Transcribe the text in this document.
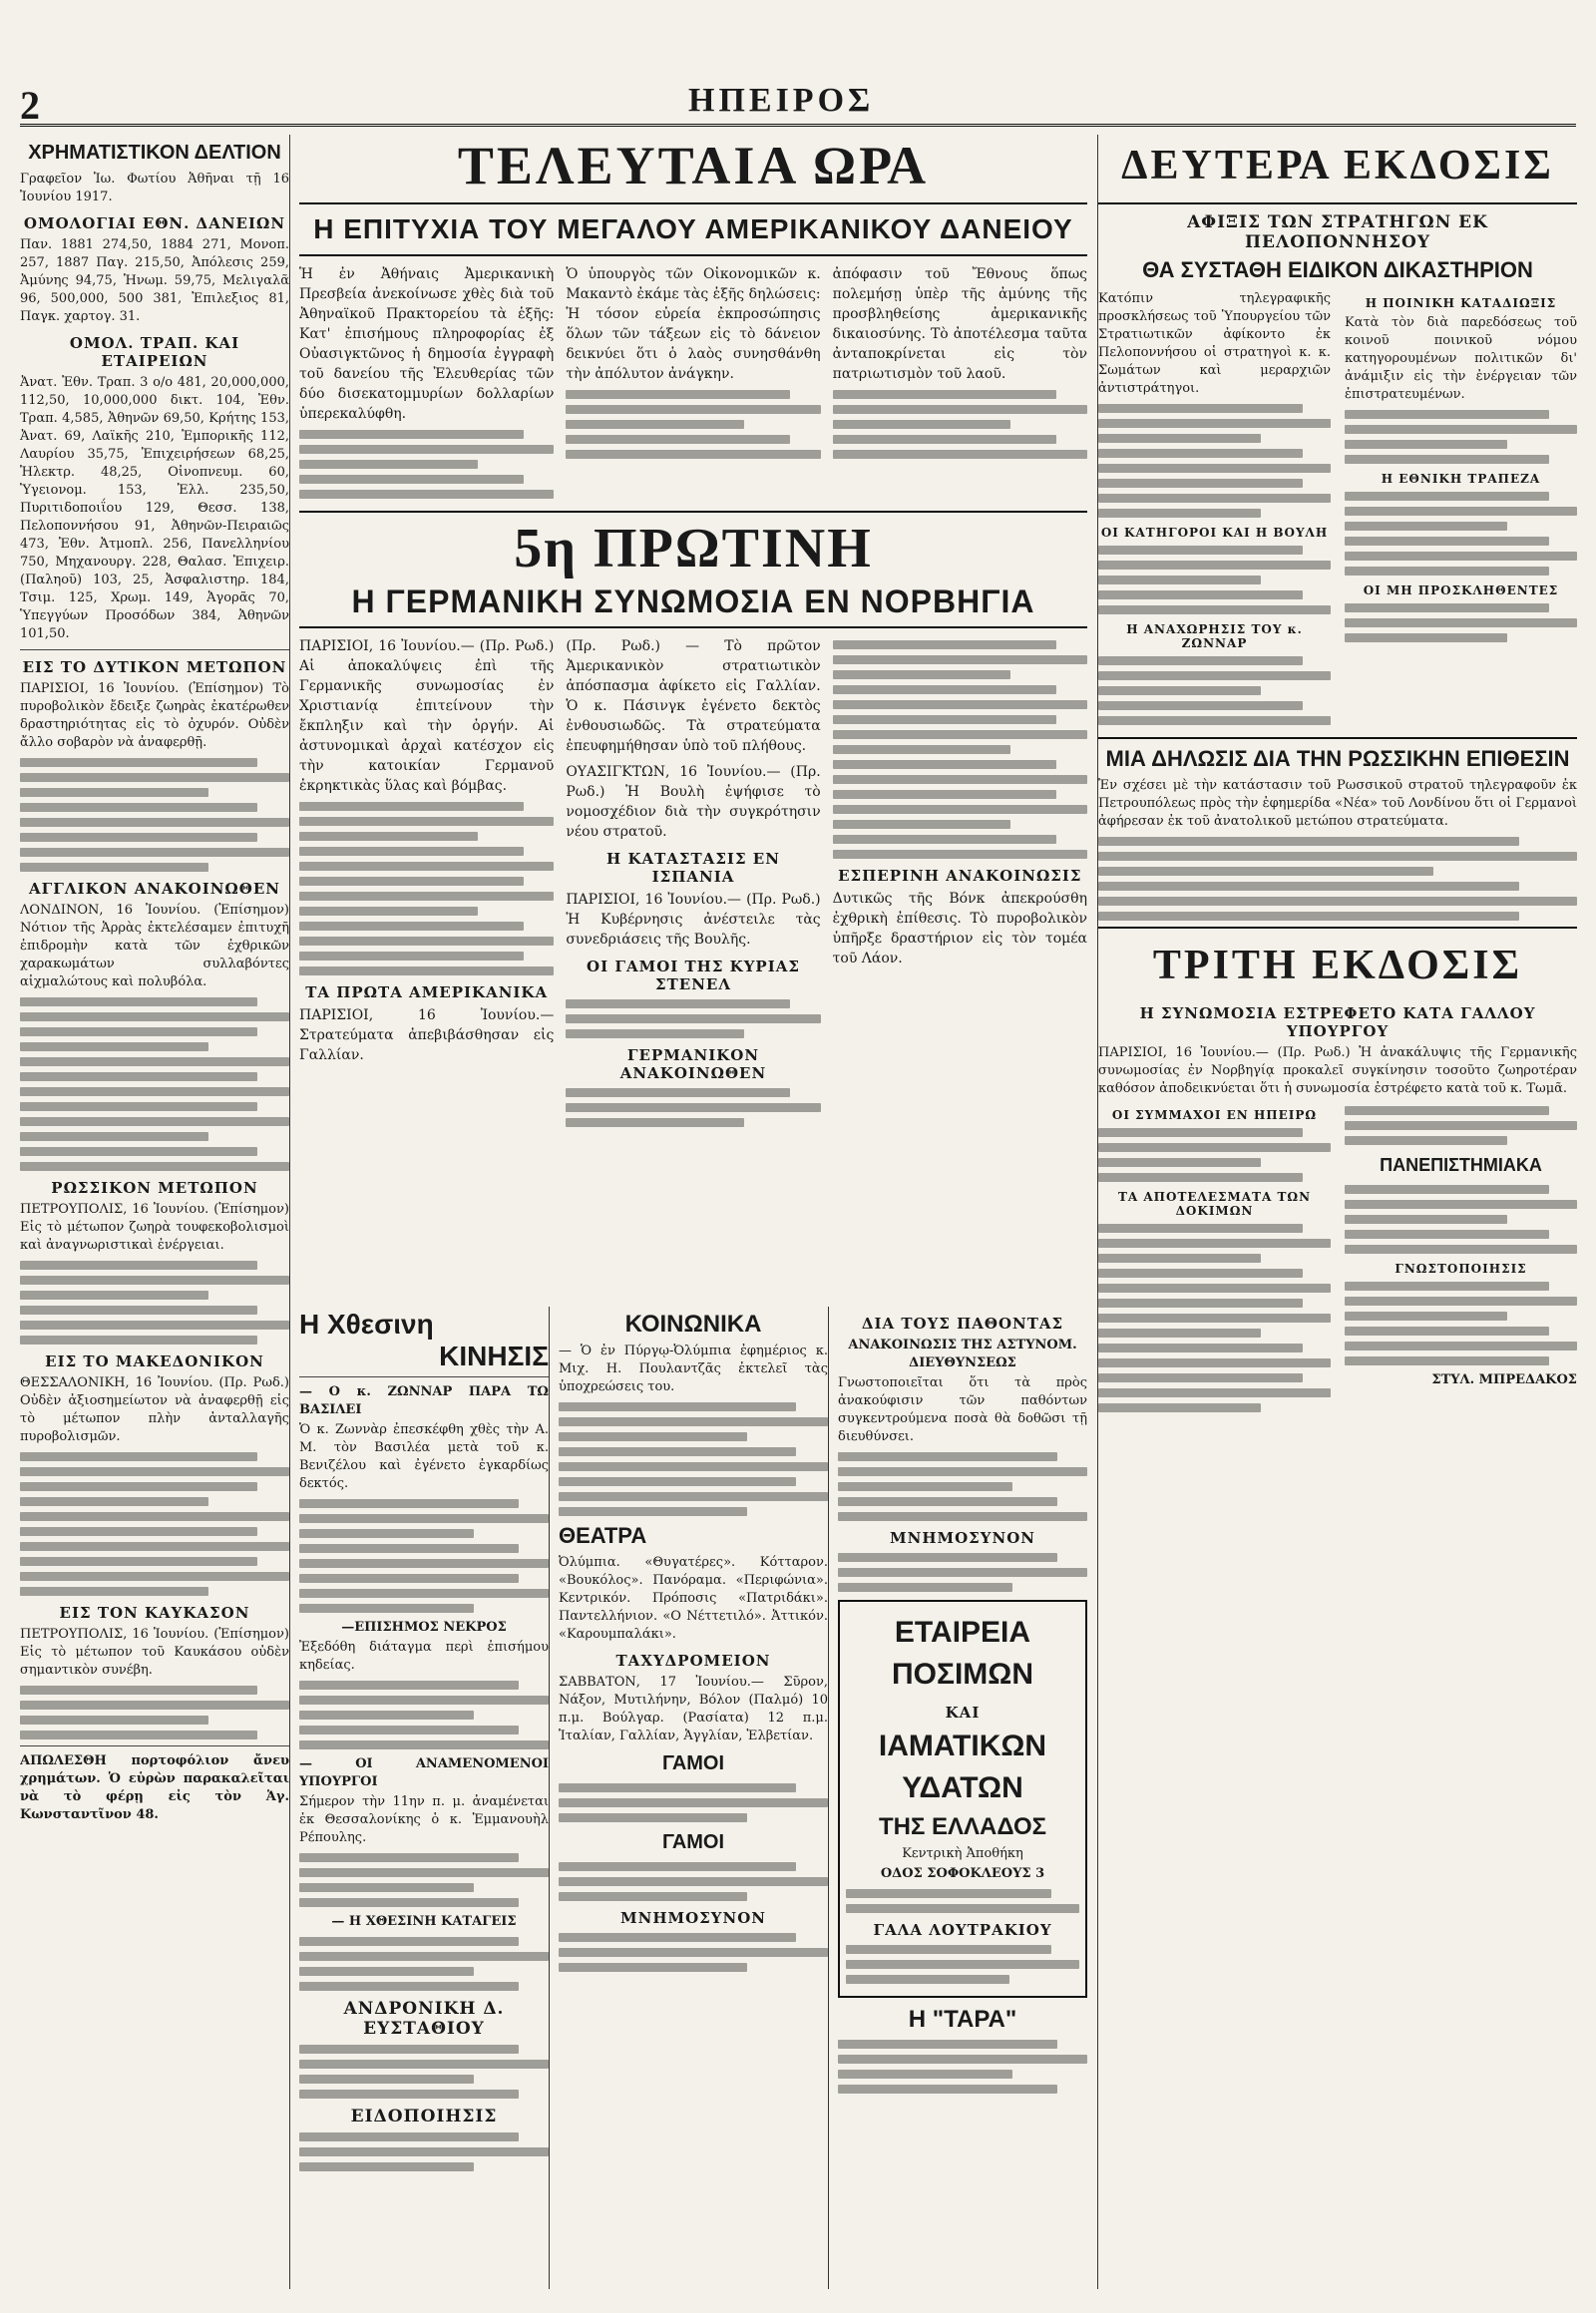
2	ΗΠΕΙΡΟΣ
ΧΡΗΜΑΤΙΣΤΙΚΟΝ ΔΕΛΤΙΟΝ
Γραφεῖον Ἰω. Φωτίου Ἀθῆναι τῇ 16 Ἰουνίου 1917.
ΟΜΟΛΟΓΙΑΙ ΕΘΝ. ΔΑΝΕΙΩΝ
Παν. 1881 274,50, 1884 271, Μονοπ. 257, 1887 Παγ. 215,50, Ἀπόλεσις 259, Ἀμύνης 94,75, Ἠνωμ. 59,75, Μελιγαλᾶ 96, 500,000, 500 381, Ἐπιλεξιος 81, Παγκ. χαρτογ. 31.
ΟΜΟΛ. ΤΡΑΠ. ΚΑΙ ΕΤΑΙΡΕΙΩΝ
Ἀνατ. Ἐθν. Τραπ. 3 ο/ο 481, 20,000,000, 112,50, 10,000,000 δικτ. 104, Ἐθν. Τραπ. 4,585, Ἀθηνῶν 69,50, Κρήτης 153, Ἀνατ. 69, Λαϊκῆς 210, Ἐμπορικῆς 112, Λαυρίου 35,75, Ἐπιχειρήσεων 68,25, Ἠλεκτρ. 48,25, Οἰνοπνευμ. 60, Ὑγειονομ. 153, Ἑλλ. 235,50, Πυριτιδοποιΐου 129, Θεσσ. 138, Πελοποννήσου 91, Ἀθηνῶν-Πειραιῶς 473, Ἐθν. Ἀτμοπλ. 256, Πανελληνίου 750, Μηχανουργ. 228, Θαλασ. Ἐπιχειρ. (Παληοῦ) 103, 25, Ἀσφαλιστηρ. 184, Τσιμ. 125, Χρωμ. 149, Ἀγορᾶς 70, Ὑπεγγύων Προσόδων 384, Ἀθηνῶν 101,50.
ΕΙΣ ΤΟ ΔΥΤΙΚΟΝ ΜΕΤΩΠΟΝ
ΠΑΡΙΣΙΟΙ, 16 Ἰουνίου. (Ἐπίσημον) Τὸ πυροβολικὸν ἔδειξε ζωηρὰς ἐκατέρωθεν δραστηριότητας εἰς τὸ ὀχυρόν. Οὐδὲν ἄλλο σοβαρὸν νὰ ἀναφερθῇ.
ΑΓΓΛΙΚΟΝ ΑΝΑΚΟΙΝΩΘΕΝ
ΛΟΝΔΙΝΟΝ, 16 Ἰουνίου. (Ἐπίσημον) Νότιον τῆς Ἀρρὰς ἐκτελέσαμεν ἐπιτυχῆ ἐπιδρομὴν κατὰ τῶν ἐχθρικῶν χαρακωμάτων συλλαβόντες αἰχμαλώτους καὶ πολυβόλα.
ΡΩΣΣΙΚΟΝ ΜΕΤΩΠΟΝ
ΠΕΤΡΟΥΠΟΛΙΣ, 16 Ἰουνίου. (Ἐπίσημον) Εἰς τὸ μέτωπον ζωηρὰ τουφεκοβολισμοὶ καὶ ἀναγνωριστικαὶ ἐνέργειαι.
ΕΙΣ ΤΟ ΜΑΚΕΔΟΝΙΚΟΝ
ΘΕΣΣΑΛΟΝΙΚΗ, 16 Ἰουνίου. (Πρ. Ρωδ.) Οὐδὲν ἀξιοσημείωτον νὰ ἀναφερθῇ εἰς τὸ μέτωπον πλὴν ἀνταλλαγῆς πυροβολισμῶν.
ΕΙΣ ΤΟΝ ΚΑΥΚΑΣΟΝ
ΠΕΤΡΟΥΠΟΛΙΣ, 16 Ἰουνίου. (Ἐπίσημον) Εἰς τὸ μέτωπον τοῦ Καυκάσου οὐδὲν σημαντικὸν συνέβη.
ΑΠΩΛΕΣΘΗ πορτοφόλιον ἄνευ χρημάτων. Ὁ εὑρὼν παρακαλεῖται νὰ τὸ φέρῃ εἰς τὸν Ἁγ. Κωνσταντῖνον 48.
ΤΕΛΕΥΤΑΙΑ ΩΡΑ
Η ΕΠΙΤΥΧΙΑ ΤΟΥ ΜΕΓΑΛΟΥ ΑΜΕΡΙΚΑΝΙΚΟΥ ΔΑΝΕΙΟΥ
Ἡ ἐν Ἀθήναις Ἀμερικανικὴ Πρεσβεία ἀνεκοίνωσε χθὲς διὰ τοῦ Ἀθηναϊκοῦ Πρακτορείου τὰ ἑξῆς: Κατ' ἐπισήμους πληροφορίας ἐξ Οὐασιγκτῶνος ἡ δημοσία ἐγγραφὴ τοῦ δανείου τῆς Ἐλευθερίας τῶν δύο δισεκατομμυρίων δολλαρίων ὑπερεκαλύφθη.
Ὁ ὑπουργὸς τῶν Οἰκονομικῶν κ. Μακαντὸ ἐκάμε τὰς ἑξῆς δηλώσεις: Ἡ τόσον εὐρεία ἐκπροσώπησις ὅλων τῶν τάξεων εἰς τὸ δάνειον δεικνύει ὅτι ὁ λαὸς συνησθάνθη τὴν ἀπόλυτον ἀνάγκην.
ἀπόφασιν τοῦ Ἔθνους ὅπως πολεμήσῃ ὑπὲρ τῆς ἀμύνης τῆς προσβληθείσης ἀμερικανικῆς δικαιοσύνης. Τὸ ἀποτέλεσμα ταῦτα ἀνταποκρίνεται εἰς τὸν πατριωτισμὸν τοῦ λαοῦ.
5η ΠΡΩΤΙΝΗ
Η ΓΕΡΜΑΝΙΚΗ ΣΥΝΩΜΟΣΙΑ ΕΝ ΝΟΡΒΗΓΙΑ
ΠΑΡΙΣΙΟΙ, 16 Ἰουνίου.— (Πρ. Ρωδ.) Αἱ ἀποκαλύψεις ἐπὶ τῆς Γερμανικῆς συνωμοσίας ἐν Χριστιανίᾳ ἐπιτείνουν τὴν ἔκπληξιν καὶ τὴν ὀργήν. Αἱ ἀστυνομικαὶ ἀρχαὶ κατέσχον εἰς τὴν κατοικίαν Γερμανοῦ ἐκρηκτικὰς ὕλας καὶ βόμβας.
ΤΑ ΠΡΩΤΑ ΑΜΕΡΙΚΑΝΙΚΑ
ΠΑΡΙΣΙΟΙ, 16 Ἰουνίου.— Στρατεύματα ἀπεβιβάσθησαν εἰς Γαλλίαν.
(Πρ. Ρωδ.) — Τὸ πρῶτον Ἀμερικανικὸν στρατιωτικὸν ἀπόσπασμα ἀφίκετο εἰς Γαλλίαν. Ὁ κ. Πάσινγκ ἐγένετο δεκτὸς ἐνθουσιωδῶς. Τὰ στρατεύματα ἐπευφημήθησαν ὑπὸ τοῦ πλήθους.
ΟΥΑΣΙΓΚΤΩΝ, 16 Ἰουνίου.— (Πρ. Ρωδ.) Ἡ Βουλὴ ἐψήφισε τὸ νομοσχέδιον διὰ τὴν συγκρότησιν νέου στρατοῦ.
Η ΚΑΤΑΣΤΑΣΙΣ ΕΝ ΙΣΠΑΝΙΑ
ΠΑΡΙΣΙΟΙ, 16 Ἰουνίου.— (Πρ. Ρωδ.) Ἡ Κυβέρνησις ἀνέστειλε τὰς συνεδριάσεις τῆς Βουλῆς.
ΟΙ ΓΑΜΟΙ ΤΗΣ ΚΥΡΙΑΣ ΣΤΕΝΕΛ
ΓΕΡΜΑΝΙΚΟΝ ΑΝΑΚΟΙΝΩΘΕΝ
ΕΣΠΕΡΙΝΗ ΑΝΑΚΟΙΝΩΣΙΣ
Δυτικῶς τῆς Βόνκ ἀπεκρούσθη ἐχθρικὴ ἐπίθεσις. Τὸ πυροβολικὸν ὑπῆρξε δραστήριον εἰς τὸν τομέα τοῦ Λάον.
Η Χθεσινη
ΚΙΝΗΣΙΣ
— Ο κ. ΖΩΝΝΑΡ ΠΑΡΑ ΤΩ ΒΑΣΙΛΕΙ
Ὁ κ. Ζωννὰρ ἐπεσκέφθη χθὲς τὴν Α. Μ. τὸν Βασιλέα μετὰ τοῦ κ. Βενιζέλου καὶ ἐγένετο ἐγκαρδίως δεκτός.
—ΕΠΙΣΗΜΟΣ ΝΕΚΡΟΣ
Ἐξεδόθη διάταγμα περὶ ἐπισήμου κηδείας.
— ΟΙ ΑΝΑΜΕΝΟΜΕΝΟΙ ΥΠΟΥΡΓΟΙ
Σήμερον τὴν 11ην π. μ. ἀναμένεται ἐκ Θεσσαλονίκης ὁ κ. Ἐμμανουὴλ Ρέπουλης.
— Η ΧΘΕΣΙΝΗ ΚΑΤΑΓΕΙΣ
ΑΝΔΡΟΝΙΚΗ Δ. ΕΥΣΤΑΘΙΟΥ
ΕΙΔΟΠΟΙΗΣΙΣ
ΚΟΙΝΩΝΙΚΑ
— Ὁ ἐν Πύργῳ-Ὀλύμπια ἐφημέριος κ. Μιχ. Η. Πουλαντζᾶς ἐκτελεῖ τὰς ὑποχρεώσεις του.
ΘΕΑΤΡΑ
Ὀλύμπια. «Θυγατέρες». Κότταρον. «Βουκόλος». Πανόραμα. «Περιφώνια». Κεντρικόν. Πρόποσις «Πατριδάκι». Παντελλήνιον. «Ο Νέττετιλό». Ἀττικόν. «Καρουμπαλάκι».
ΤΑΧΥΔΡΟΜΕΙΟΝ
ΣΑΒΒΑΤΟΝ, 17 Ἰουνίου.— Σῦρον, Νάξον, Μυτιλήνην, Βόλον (Παλμό) 10 π.μ. Βούλγαρ. (Ρασίατα) 12 π.μ. Ἰταλίαν, Γαλλίαν, Ἀγγλίαν, Ἑλβετίαν.
ΓΑΜΟΙ
ΓΑΜΟΙ
ΜΝΗΜΟΣΥΝΟΝ
ΔΙΑ ΤΟΥΣ ΠΑΘΟΝΤΑΣ
ΑΝΑΚΟΙΝΩΣΙΣ ΤΗΣ ΑΣΤΥΝΟΜ. ΔΙΕΥΘΥΝΣΕΩΣ
Γνωστοποιεῖται ὅτι τὰ πρὸς ἀνακούφισιν τῶν παθόντων συγκεντρούμενα ποσὰ θὰ δοθῶσι τῇ διευθύνσει.
ΜΝΗΜΟΣΥΝΟΝ
ΕΤΑΙΡΕΙΑ ΠΟΣΙΜΩΝ
ΚΑΙ
ΙΑΜΑΤΙΚΩΝ ΥΔΑΤΩΝ
ΤΗΣ ΕΛΛΑΔΟΣ
Κεντρικὴ Ἀποθήκη
ΟΔΟΣ ΣΟΦΟΚΛΕΟΥΣ 3
ΓΑΛΑ ΛΟΥΤΡΑΚΙΟΥ
Η "ΤΑΡΑ"
ΔΕΥΤΕΡΑ ΕΚΔΟΣΙΣ
ΑΦΙΞΙΣ ΤΩΝ ΣΤΡΑΤΗΓΩΝ ΕΚ ΠΕΛΟΠΟΝΝΗΣΟΥ
ΘΑ ΣΥΣΤΑΘΗ ΕΙΔΙΚΟΝ ΔΙΚΑΣΤΗΡΙΟΝ
Κατόπιν τηλεγραφικῆς προσκλήσεως τοῦ Ὑπουργείου τῶν Στρατιωτικῶν ἀφίκοντο ἐκ Πελοποννήσου οἱ στρατηγοὶ κ. κ. Σωμάτων καὶ μεραρχιῶν ἀντιστράτηγοι.
ΟΙ ΚΑΤΗΓΟΡΟΙ ΚΑΙ Η ΒΟΥΛΗ
Η ΑΝΑΧΩΡΗΣΙΣ ΤΟΥ κ. ΖΩΝΝΑΡ
Η ΠΟΙΝΙΚΗ ΚΑΤΑΔΙΩΞΙΣ
Κατὰ τὸν διὰ παρεδόσεως τοῦ κοινοῦ ποινικοῦ νόμου κατηγορουμένων πολιτικῶν δι' ἀνάμιξιν εἰς τὴν ἐνέργειαν τῶν ἐπιστρατευμένων.
Η ΕΘΝΙΚΗ ΤΡΑΠΕΖΑ
ΟΙ ΜΗ ΠΡΟΣΚΛΗΘΕΝΤΕΣ
ΜΙΑ ΔΗΛΩΣΙΣ ΔΙΑ ΤΗΝ ΡΩΣΣΙΚΗΝ ΕΠΙΘΕΣΙΝ
Ἐν σχέσει μὲ τὴν κατάστασιν τοῦ Ρωσσικοῦ στρατοῦ τηλεγραφοῦν ἐκ Πετρουπόλεως πρὸς τὴν ἐφημερίδα «Νέα» τοῦ Λονδίνου ὅτι οἱ Γερμανοὶ ἀφήρεσαν ἐκ τοῦ ἀνατολικοῦ μετώπου στρατεύματα.
ΤΡΙΤΗ ΕΚΔΟΣΙΣ
Η ΣΥΝΩΜΟΣΙΑ ΕΣΤΡΕΦΕΤΟ ΚΑΤΑ ΓΑΛΛΟΥ ΥΠΟΥΡΓΟΥ
ΠΑΡΙΣΙΟΙ, 16 Ἰουνίου.— (Πρ. Ρωδ.) Ἡ ἀνακάλυψις τῆς Γερμανικῆς συνωμοσίας ἐν Νορβηγίᾳ προκαλεῖ συγκίνησιν τοσοῦτο ζωηροτέραν καθόσον ἀποδεικνύεται ὅτι ἡ συνωμοσία ἐστρέφετο κατὰ τοῦ κ. Τωμᾶ.
ΟΙ ΣΥΜΜΑΧΟΙ ΕΝ ΗΠΕΙΡΩ
ΤΑ ΑΠΟΤΕΛΕΣΜΑΤΑ ΤΩΝ ΔΟΚΙΜΩΝ
ΠΑΝΕΠΙΣΤΗΜΙΑΚΑ
ΓΝΩΣΤΟΠΟΙΗΣΙΣ
ΣΤΥΛ. ΜΠΡΕΔΑΚΟΣ
